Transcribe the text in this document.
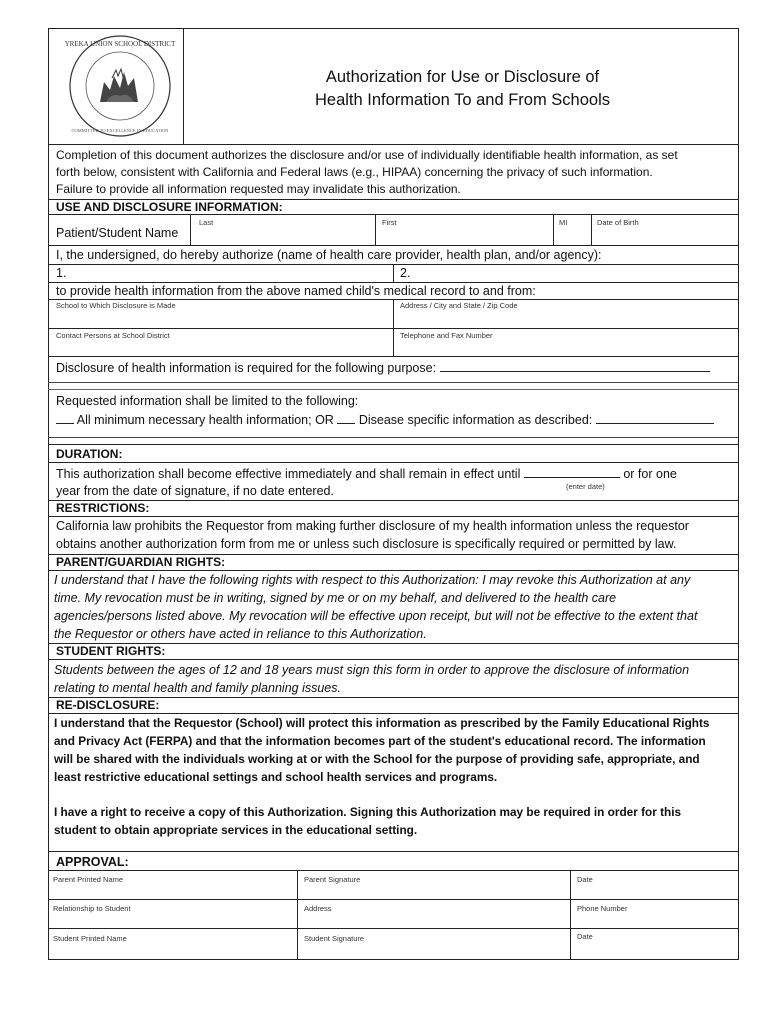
YREKA UNION SCHOOL DISTRICT
COMMITTED TO EXCELLENCE IN EDUCATION
Authorization for Use or Disclosure of
Health Information To and From Schools
Completion of this document authorizes the disclosure and/or use of individually identifiable health information, as set
forth below, consistent with California and Federal laws (e.g., HIPAA) concerning the privacy of such information.
Failure to provide all information requested may invalidate this authorization.
USE AND DISCLOSURE INFORMATION:
Patient/Student Name
Last	First	MI	Date of Birth
I, the undersigned, do hereby authorize (name of health care provider, health plan, and/or agency):
1.	2.
to provide health information from the above named child's medical record to and from:
School to Which Disclosure is Made	Address / City and State / Zip Code
Contact Persons at School District	Telephone and Fax Number
Disclosure of health information is required for the following purpose:
Requested information shall be limited to the following:
All minimum necessary health information; OR Disease specific information as described:
DURATION:
This authorization shall become effective immediately and shall remain in effect until	or for one
(enter date)
year from the date of signature, if no date entered.
RESTRICTIONS:
California law prohibits the Requestor from making further disclosure of my health information unless the requestor
obtains another authorization form from me or unless such disclosure is specifically required or permitted by law.
PARENT/GUARDIAN RIGHTS:
I understand that I have the following rights with respect to this Authorization: I may revoke this Authorization at any
time. My revocation must be in writing, signed by me or on my behalf, and delivered to the health care
agencies/persons listed above. My revocation will be effective upon receipt, but will not be effective to the extent that
the Requestor or others have acted in reliance to this Authorization.
STUDENT RIGHTS:
Students between the ages of 12 and 18 years must sign this form in order to approve the disclosure of information
relating to mental health and family planning issues.
RE-DISCLOSURE:
I understand that the Requestor (School) will protect this information as prescribed by the Family Educational Rights
and Privacy Act (FERPA) and that the information becomes part of the student's educational record. The information
will be shared with the individuals working at or with the School for the purpose of providing safe, appropriate, and
least restrictive educational settings and school health services and programs.
I have a right to receive a copy of this Authorization. Signing this Authorization may be required in order for this
student to obtain appropriate services in the educational setting.
APPROVAL:
Parent Printed Name	Parent Signature	Date
Relationship to Student	Address	Phone Number
Student Printed Name	Student Signature	Date
